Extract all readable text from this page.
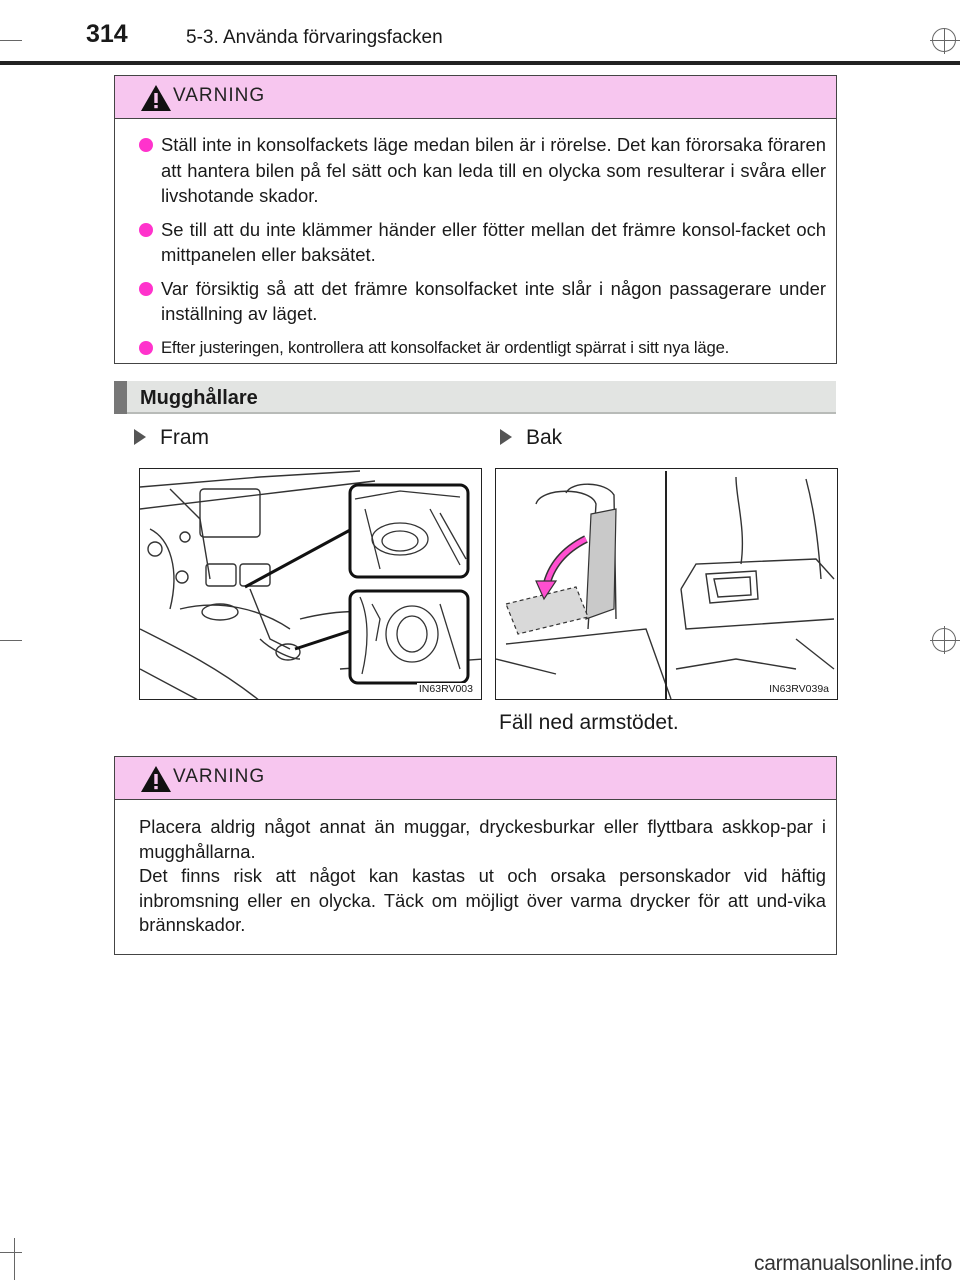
314	5-3. Använda förvaringsfacken
VARNING
Ställ inte in konsolfackets läge medan bilen är i rörelse. Det kan förorsaka föraren att hantera bilen på fel sätt och kan leda till en olycka som resulterar i svåra eller livshotande skador.
Se till att du inte klämmer händer eller fötter mellan det främre konsol-facket och mittpanelen eller baksätet.
Var försiktig så att det främre konsolfacket inte slår i någon passagerare under inställning av läget.
Efter justeringen, kontrollera att konsolfacket är ordentligt spärrat i sitt nya läge.
Mugghållare
Fram	Bak
IN63RV003	IN63RV039a
Fäll ned armstödet.
VARNING
Placera aldrig något annat än muggar, dryckesburkar eller flyttbara askkop-par i mugghållarna.
Det finns risk att något kan kastas ut och orsaka personskador vid häftig inbromsning eller en olycka. Täck om möjligt över varma drycker för att und-vika brännskador.
carmanualsonline.info
